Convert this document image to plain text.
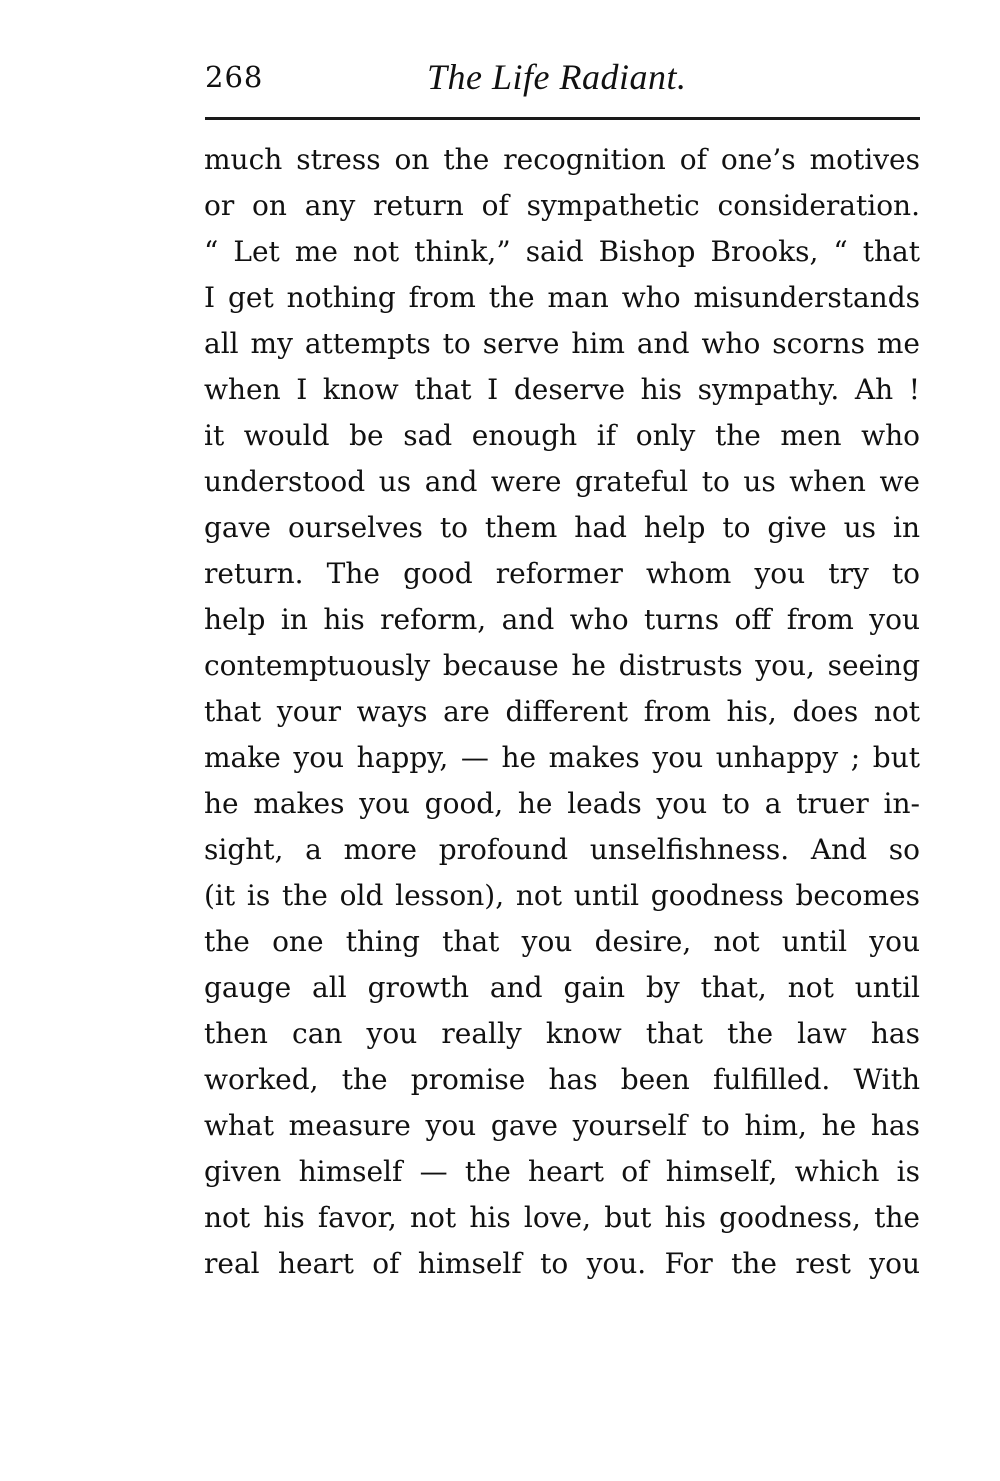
268	The Life Radiant.
much stress on the recognition of one’s motives
or on any return of sympathetic consideration.
“ Let me not think,” said Bishop Brooks, “ that
I get nothing from the man who misunderstands
all my attempts to serve him and who scorns me
when I know that I deserve his sympathy. Ah !
it would be sad enough if only the men who
understood us and were grateful to us when we
gave ourselves to them had help to give us in
return. The good reformer whom you try to
help in his reform, and who turns off from you
contemptuously because he distrusts you, seeing
that your ways are different from his, does not
make you happy, — he makes you unhappy ; but
he makes you good, he leads you to a truer in-
sight, a more profound unselfishness. And so
(it is the old lesson), not until goodness becomes
the one thing that you desire, not until you
gauge all growth and gain by that, not until
then can you really know that the law has
worked, the promise has been fulfilled. With
what measure you gave yourself to him, he has
given himself — the heart of himself, which is
not his favor, not his love, but his goodness, the
real heart of himself to you. For the rest you
